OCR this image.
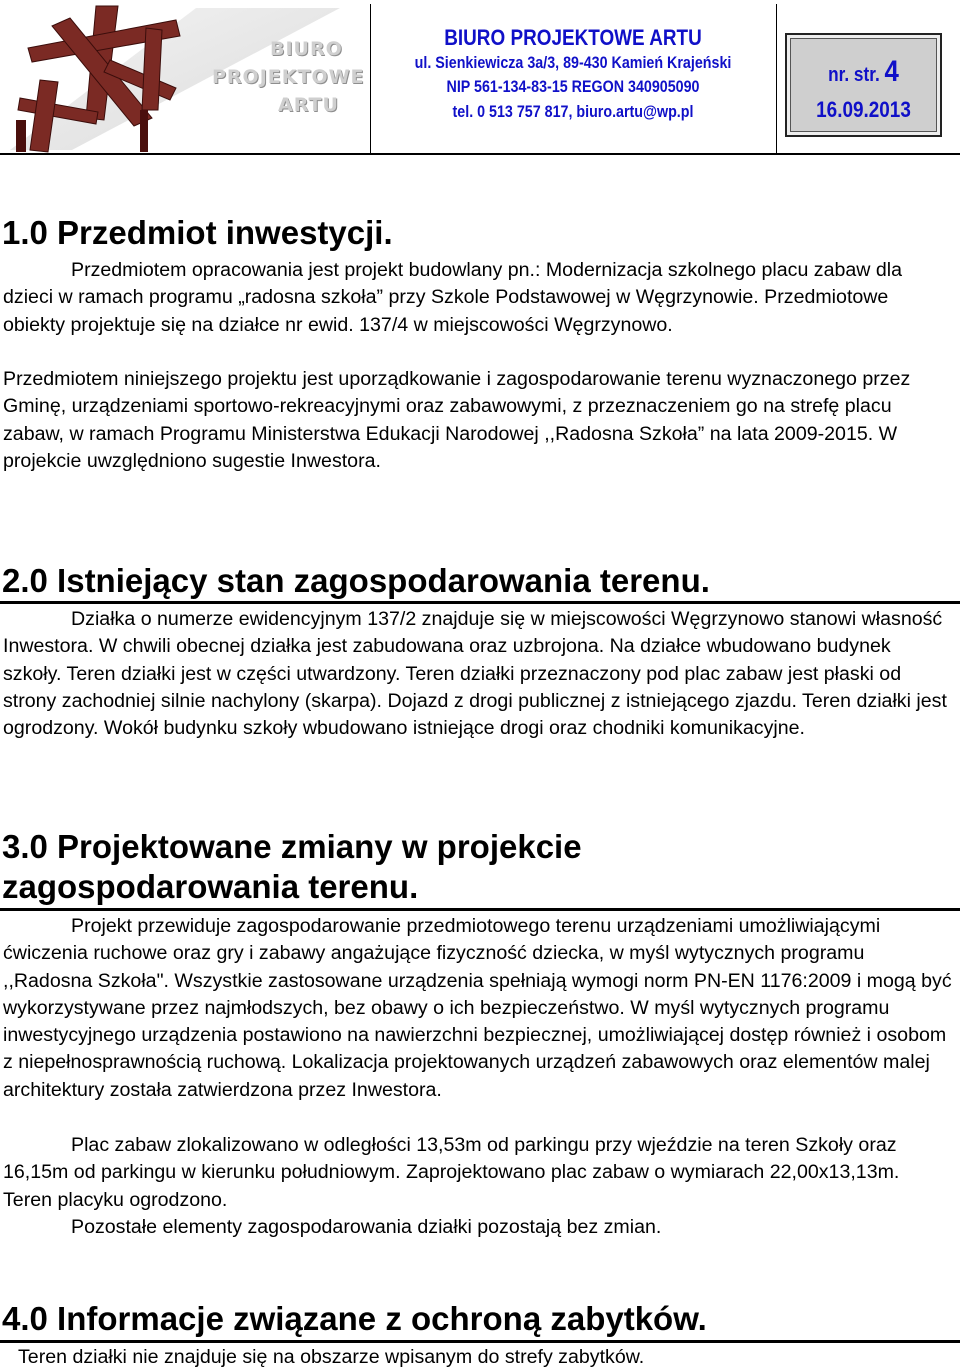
BIURO
PROJEKTOWE
ARTU
BIURO PROJEKTOWE ARTU
ul. Sienkiewicza 3a/3, 89-430 Kamień Krajeński
NIP 561-134-83-15 REGON 340905090
tel. 0 513 757 817, biuro.artu@wp.pl
nr. str. 4
16.09.2013
1.0 Przedmiot inwestycji.

Przedmiotem opracowania jest projekt budowlany pn.: Modernizacja szkolnego placu zabaw dla dzieci w ramach programu „radosna szkoła” przy Szkole Podstawowej w Węgrzynowie. Przedmiotowe obiekty projektuje się na działce nr ewid. 137/4 w miejscowości Węgrzynowo.

Przedmiotem niniejszego projektu jest uporządkowanie i zagospodarowanie terenu wyznaczonego przez Gminę, urządzeniami sportowo-rekreacyjnymi oraz zabawowymi, z przeznaczeniem go na strefę placu zabaw, w ramach Programu Ministerstwa Edukacji Narodowej ,,Radosna Szkoła” na lata 2009-2015. W projekcie uwzględniono sugestie Inwestora.

2.0 Istniejący stan zagospodarowania terenu.

Działka o numerze ewidencyjnym 137/2 znajduje się w miejscowości Węgrzynowo stanowi własność Inwestora. W chwili obecnej działka jest zabudowana oraz uzbrojona. Na działce wbudowano budynek szkoły. Teren działki jest w części utwardzony. Teren działki przeznaczony pod plac zabaw jest płaski od strony zachodniej silnie nachylony (skarpa). Dojazd z drogi publicznej z istniejącego zjazdu. Teren działki jest ogrodzony. Wokół budynku szkoły wbudowano istniejące drogi oraz chodniki komunikacyjne.

3.0 Projektowane zmiany w projekcie
zagospodarowania terenu.

Projekt przewiduje zagospodarowanie przedmiotowego terenu urządzeniami umożliwiającymi ćwiczenia ruchowe oraz gry i zabawy angażujące fizyczność dziecka, w myśl wytycznych programu ,,Radosna Szkoła". Wszystkie zastosowane urządzenia spełniają wymogi norm PN-EN 1176:2009 i mogą być wykorzystywane przez najmłodszych, bez obawy o ich bezpieczeństwo. W myśl wytycznych programu inwestycyjnego urządzenia postawiono na nawierzchni bezpiecznej, umożliwiającej dostęp również i osobom z niepełnosprawnością ruchową. Lokalizacja projektowanych urządzeń zabawowych oraz elementów malej architektury została zatwierdzona przez Inwestora.

Plac zabaw zlokalizowano w odległości 13,53m od parkingu przy wjeździe na teren Szkoły oraz 16,15m od parkingu w kierunku południowym. Zaprojektowano plac zabaw o wymiarach 22,00x13,13m. Teren placyku ogrodzono.

Pozostałe elementy zagospodarowania działki pozostają bez zmian.

4.0 Informacje związane z ochroną zabytków.

Teren działki nie znajduje się na obszarze wpisanym do strefy zabytków.
